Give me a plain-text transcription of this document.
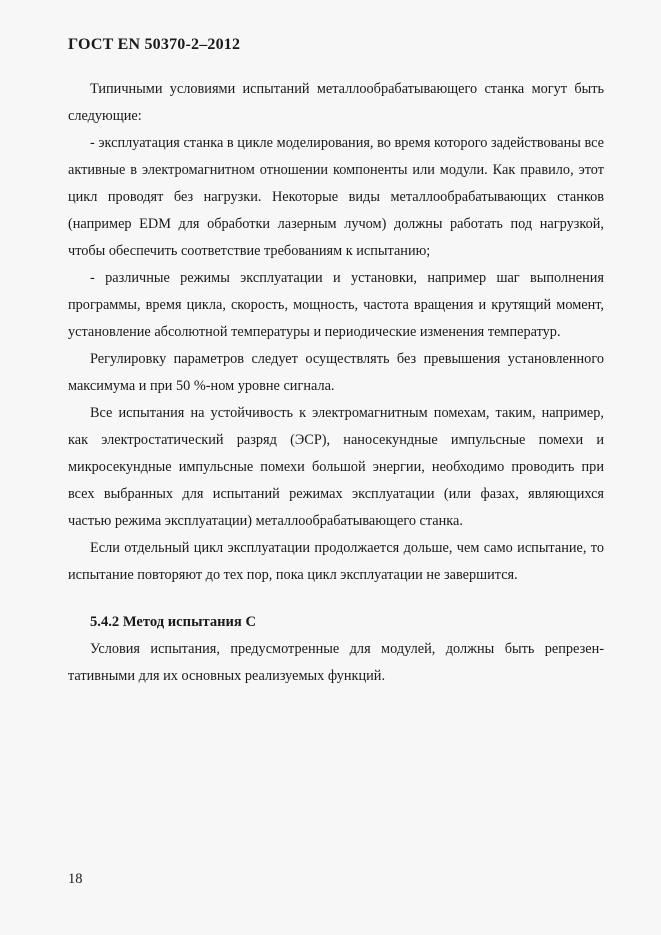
ГОСТ EN 50370-2–2012

Типичными условиями испытаний металлообрабатывающего станка могут быть следующие:

- эксплуатация станка в цикле моделирования, во время которого задействованы все активные в электромагнитном отношении компоненты или модули. Как правило, этот цикл проводят без нагрузки. Некоторые виды металлообрабатывающих станков (например EDM для обработки лазерным лучом) должны работать под нагрузкой, чтобы обеспечить соответствие требованиям к испытанию;

- различные режимы эксплуатации и установки, например шаг выполнения программы, время цикла, скорость, мощность, частота вращения и крутящий момент, установление абсолютной температуры и периодические изменения температур.

Регулировку параметров следует осуществлять без превышения установленного максимума и при 50 %-ном уровне сигнала.

Все испытания на устойчивость к электромагнитным помехам, таким, например, как электростатический разряд (ЭСР), наносекундные импульсные помехи и микросекундные импульсные помехи большой энергии, необходимо проводить при всех выбранных для испытаний режимах эксплуатации (или фазах, являющихся частью режима эксплуатации) металлообрабатывающего станка.

Если отдельный цикл эксплуатации продолжается дольше, чем само испытание, то испытание повторяют до тех пор, пока цикл эксплуатации не завершится.

5.4.2 Метод испытания С

Условия испытания, предусмотренные для модулей, должны быть репрезентативными для их основных реализуемых функций.

18
